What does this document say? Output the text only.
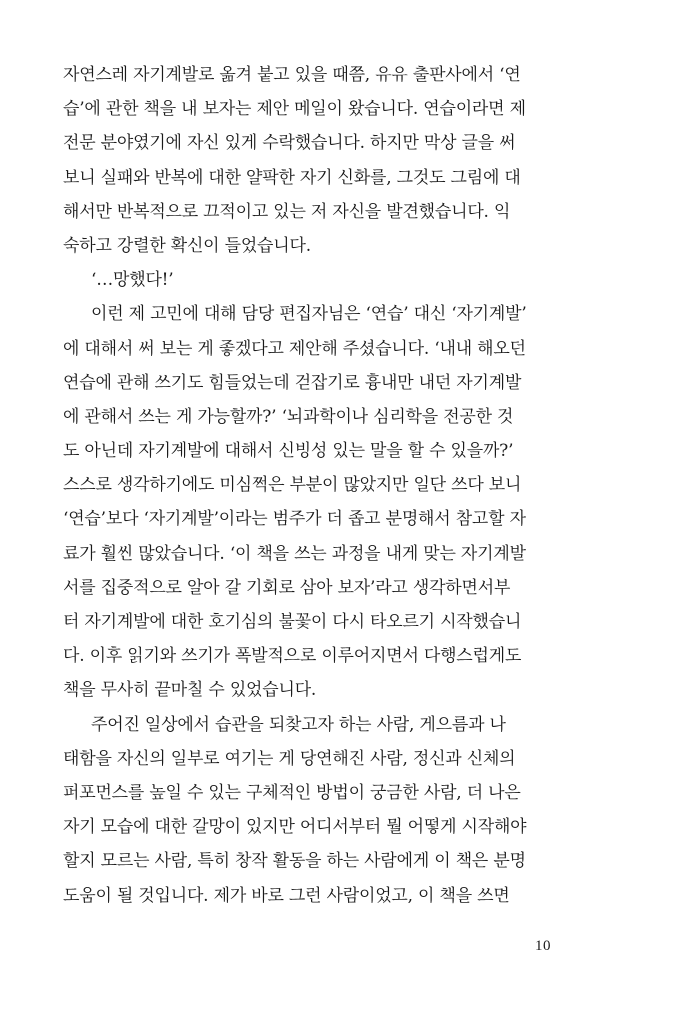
자연스레 자기계발로 옮겨 붙고 있을 때쯤, 유유 출판사에서 ‘연
습’에 관한 책을 내 보자는 제안 메일이 왔습니다. 연습이라면 제
전문 분야였기에 자신 있게 수락했습니다. 하지만 막상 글을 써
보니 실패와 반복에 대한 얄팍한 자기 신화를, 그것도 그림에 대
해서만 반복적으로 끄적이고 있는 저 자신을 발견했습니다. 익
숙하고 강렬한 확신이 들었습니다.
‘…망했다!’
이런 제 고민에 대해 담당 편집자님은 ‘연습’ 대신 ‘자기계발’
에 대해서 써 보는 게 좋겠다고 제안해 주셨습니다. ‘내내 해오던
연습에 관해 쓰기도 힘들었는데 걷잡기로 흉내만 내던 자기계발
에 관해서 쓰는 게 가능할까?’ ‘뇌과학이나 심리학을 전공한 것
도 아닌데 자기계발에 대해서 신빙성 있는 말을 할 수 있을까?’
스스로 생각하기에도 미심쩍은 부분이 많았지만 일단 쓰다 보니
‘연습’보다 ‘자기계발’이라는 범주가 더 좁고 분명해서 참고할 자
료가 훨씬 많았습니다. ‘이 책을 쓰는 과정을 내게 맞는 자기계발
서를 집중적으로 알아 갈 기회로 삼아 보자’라고 생각하면서부
터 자기계발에 대한 호기심의 불꽃이 다시 타오르기 시작했습니
다. 이후 읽기와 쓰기가 폭발적으로 이루어지면서 다행스럽게도
책을 무사히 끝마칠 수 있었습니다.
주어진 일상에서 습관을 되찾고자 하는 사람, 게으름과 나
태함을 자신의 일부로 여기는 게 당연해진 사람, 정신과 신체의
퍼포먼스를 높일 수 있는 구체적인 방법이 궁금한 사람, 더 나은
자기 모습에 대한 갈망이 있지만 어디서부터 뭘 어떻게 시작해야
할지 모르는 사람, 특히 창작 활동을 하는 사람에게 이 책은 분명
도움이 될 것입니다. 제가 바로 그런 사람이었고, 이 책을 쓰면
10
